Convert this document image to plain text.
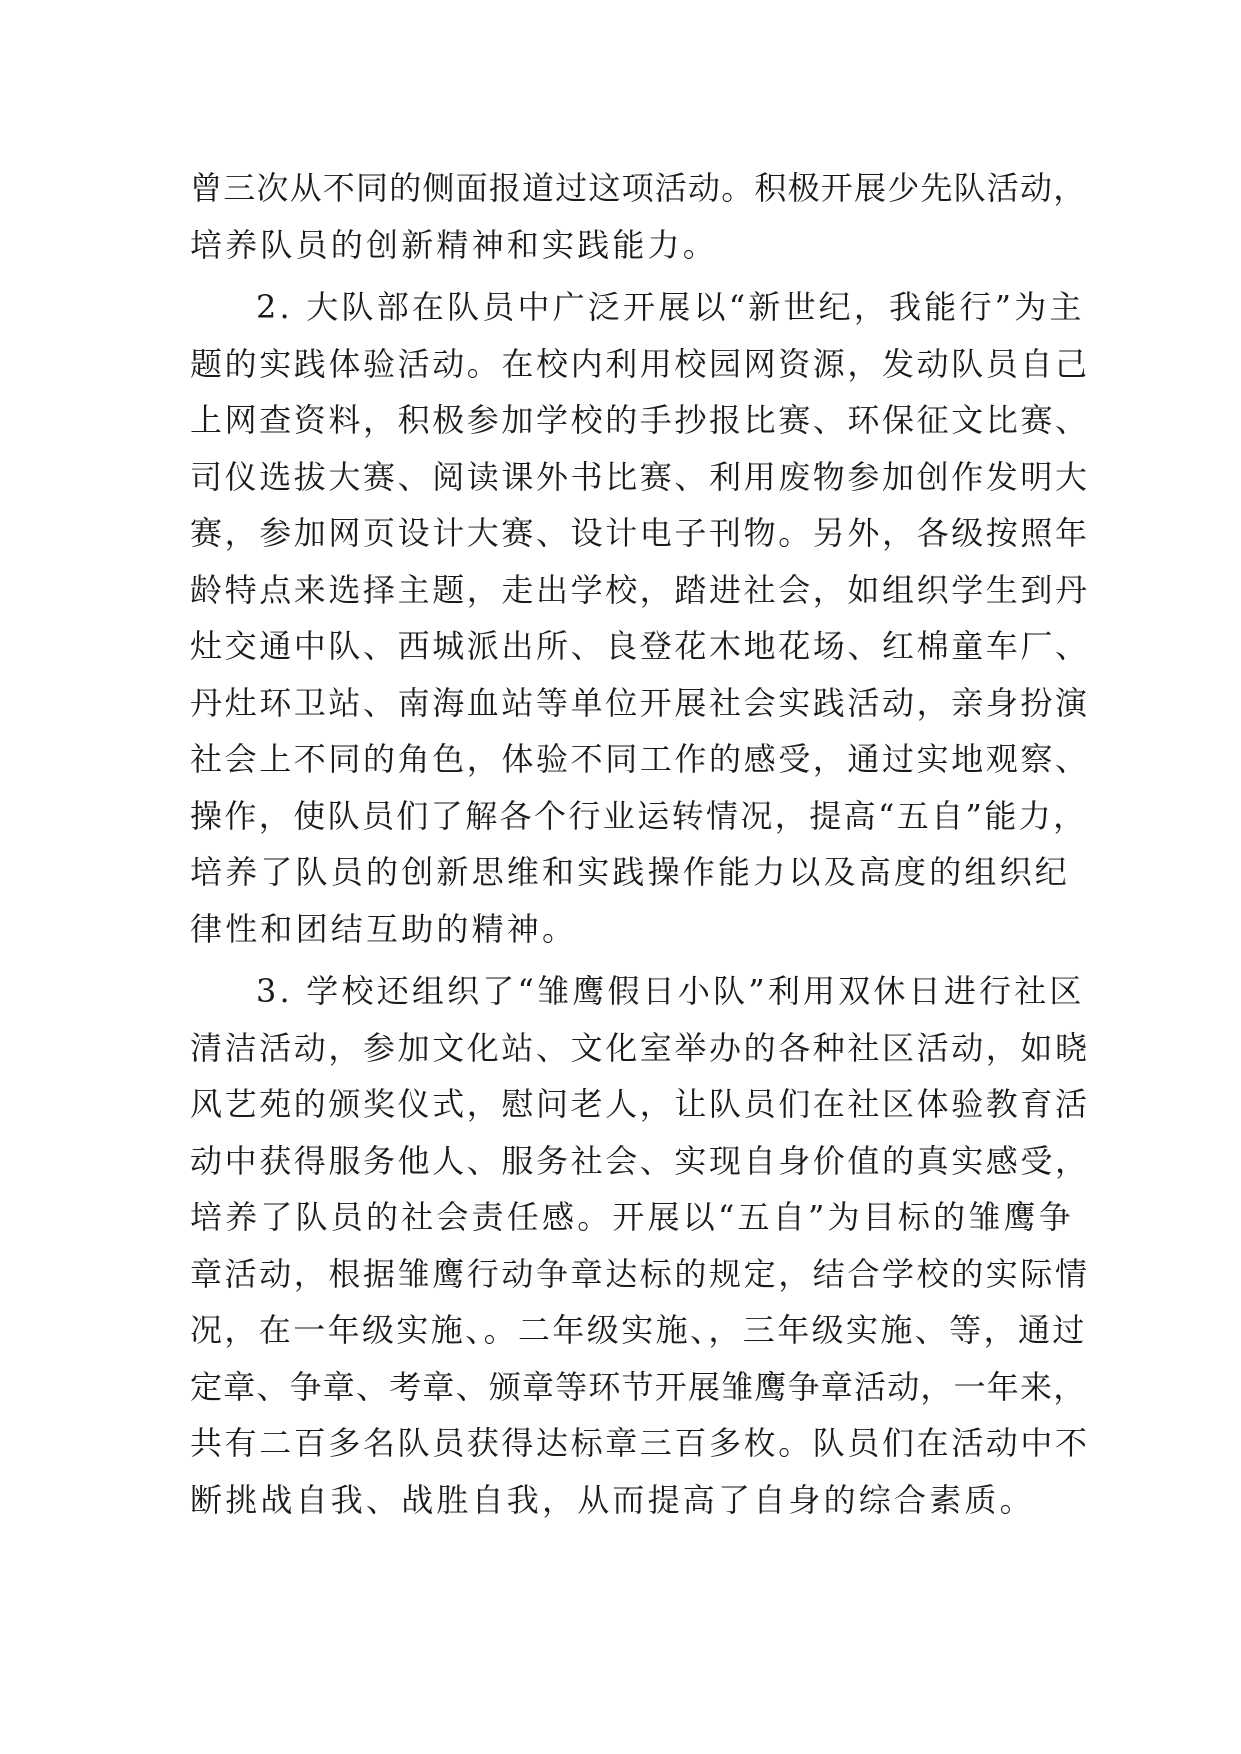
曾三次从不同的侧面报道过这项活动。积极开展少先队活动，
培养队员的创新精神和实践能力。
2. 大队部在队员中广泛开展以“新世纪，我能行”为主
题的实践体验活动。在校内利用校园网资源，发动队员自己
上网查资料，积极参加学校的手抄报比赛、环保征文比赛、
司仪选拔大赛、阅读课外书比赛、利用废物参加创作发明大
赛，参加网页设计大赛、设计电子刊物。另外，各级按照年
龄特点来选择主题，走出学校，踏进社会，如组织学生到丹
灶交通中队、西城派出所、良登花木地花场、红棉童车厂、
丹灶环卫站、南海血站等单位开展社会实践活动，亲身扮演
社会上不同的角色，体验不同工作的感受，通过实地观察、
操作，使队员们了解各个行业运转情况，提高“五自”能力，
培养了队员的创新思维和实践操作能力以及高度的组织纪
律性和团结互助的精神。
3. 学校还组织了“雏鹰假日小队”利用双休日进行社区
清洁活动，参加文化站、文化室举办的各种社区活动，如晓
风艺苑的颁奖仪式，慰问老人，让队员们在社区体验教育活
动中获得服务他人、服务社会、实现自身价值的真实感受，
培养了队员的社会责任感。开展以“五自”为目标的雏鹰争
章活动，根据雏鹰行动争章达标的规定，结合学校的实际情
况，在一年级实施、。二年级实施、，三年级实施、等，通过
定章、争章、考章、颁章等环节开展雏鹰争章活动，一年来，
共有二百多名队员获得达标章三百多枚。队员们在活动中不
断挑战自我、战胜自我，从而提高了自身的综合素质。
